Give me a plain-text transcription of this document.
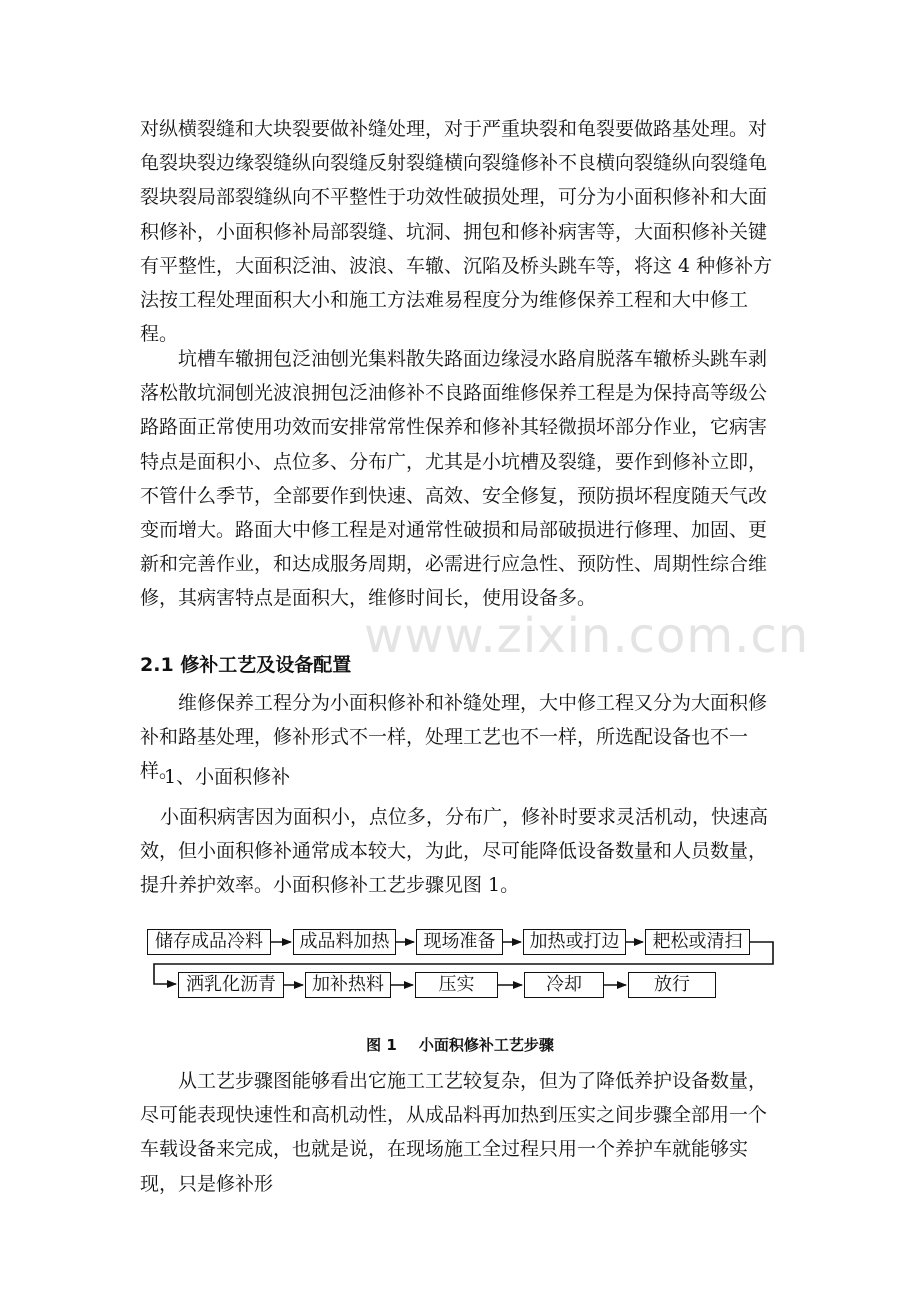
www.zixin.com.cn
对纵横裂缝和大块裂要做补缝处理，对于严重块裂和龟裂要做路基处理。对龟裂块裂边缘裂缝纵向裂缝反射裂缝横向裂缝修补不良横向裂缝纵向裂缝龟裂块裂局部裂缝纵向不平整性于功效性破损处理，可分为小面积修补和大面积修补，小面积修补局部裂缝、坑洞、拥包和修补病害等，大面积修补关键有平整性，大面积泛油、波浪、车辙、沉陷及桥头跳车等，将这 4 种修补方法按工程处理面积大小和施工方法难易程度分为维修保养工程和大中修工程。
坑槽车辙拥包泛油刨光集料散失路面边缘浸水路肩脱落车辙桥头跳车剥落松散坑洞刨光波浪拥包泛油修补不良路面维修保养工程是为保持高等级公路路面正常使用功效而安排常常性保养和修补其轻微损坏部分作业，它病害特点是面积小、点位多、分布广，尤其是小坑槽及裂缝，要作到修补立即，不管什么季节，全部要作到快速、高效、安全修复，预防损坏程度随天气改变而增大。路面大中修工程是对通常性破损和局部破损进行修理、加固、更新和完善作业，和达成服务周期，必需进行应急性、预防性、周期性综合维修，其病害特点是面积大，维修时间长，使用设备多。
2.1 修补工艺及设备配置
维修保养工程分为小面积修补和补缝处理，大中修工程又分为大面积修补和路基处理，修补形式不一样，处理工艺也不一样，所选配设备也不一样。
1、小面积修补
小面积病害因为面积小，点位多，分布广，修补时要求灵活机动，快速高效，但小面积修补通常成本较大，为此，尽可能降低设备数量和人员数量，提升养护效率。小面积修补工艺步骤见图 1。
储存成品冷料	成品料加热	现场准备	加热或打边	耙松或清扫
洒乳化沥青	加补热料	压实	冷却	放行
图 1 小面积修补工艺步骤
从工艺步骤图能够看出它施工工艺较复杂，但为了降低养护设备数量，尽可能表现快速性和高机动性，从成品料再加热到压实之间步骤全部用一个车载设备来完成，也就是说，在现场施工全过程只用一个养护车就能够实现，只是修补形
